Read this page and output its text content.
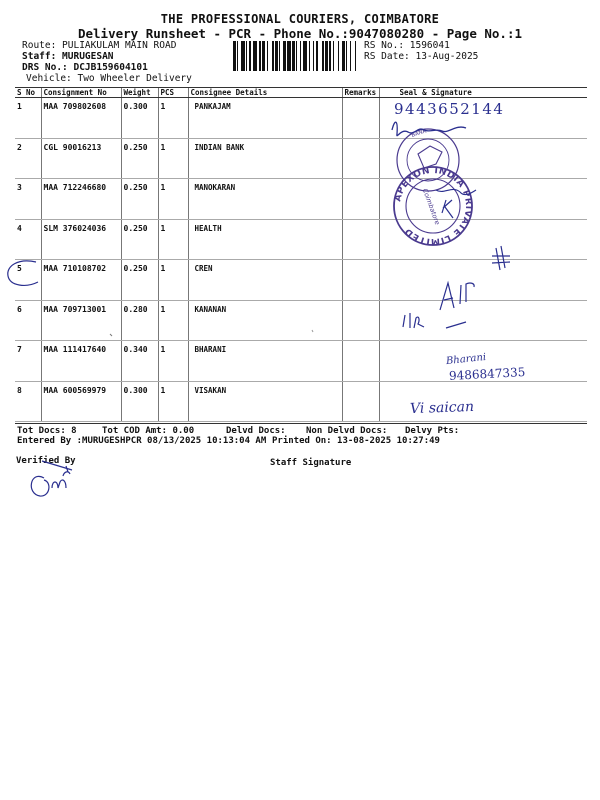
THE PROFESSIONAL COURIERS, COIMBATORE
Delivery Runsheet - PCR - Phone No.:9047080280 - Page No.:1
Route: PULIAKULAM MAIN ROAD
Staff: MURUGESAN
DRS No.: DCJB159604101
Vehicle: Two Wheeler Delivery
RS No.: 1596041
RS Date: 13-Aug-2025
S No	Consignment No	Weight	PCS	Consignee Details	Remarks	Seal & Signature
1	MAA 709802608	0.300	1	PANKAJAM		
2	CGL 90016213	0.250	1	INDIAN BANK		
3	MAA 712246680	0.250	1	MANOKARAN		
4	SLM 376024036	0.250	1	HEALTH		
5	MAA 710108702	0.250	1	CREN		
6	MAA 709713001	0.280	1	KANANAN		
7	MAA 111417640	0.340	1	BHARANI		
8	MAA 600569979	0.300	1	VISAKAN		
Tot Docs: 8	Tot COD Amt: 0.00	Delvd Docs: Non Delvd Docs: Delvy Pts:
Entered By :MURUGESHPCR 08/13/2025 10:13:04 AM Printed On: 13-08-2025 10:27:49
Verified By	Staff Signature
9443652144
Bharani
9486847335
Vi saican
BANK
APEXON INDIA PRIVATE LIMITED
Coimbatore
